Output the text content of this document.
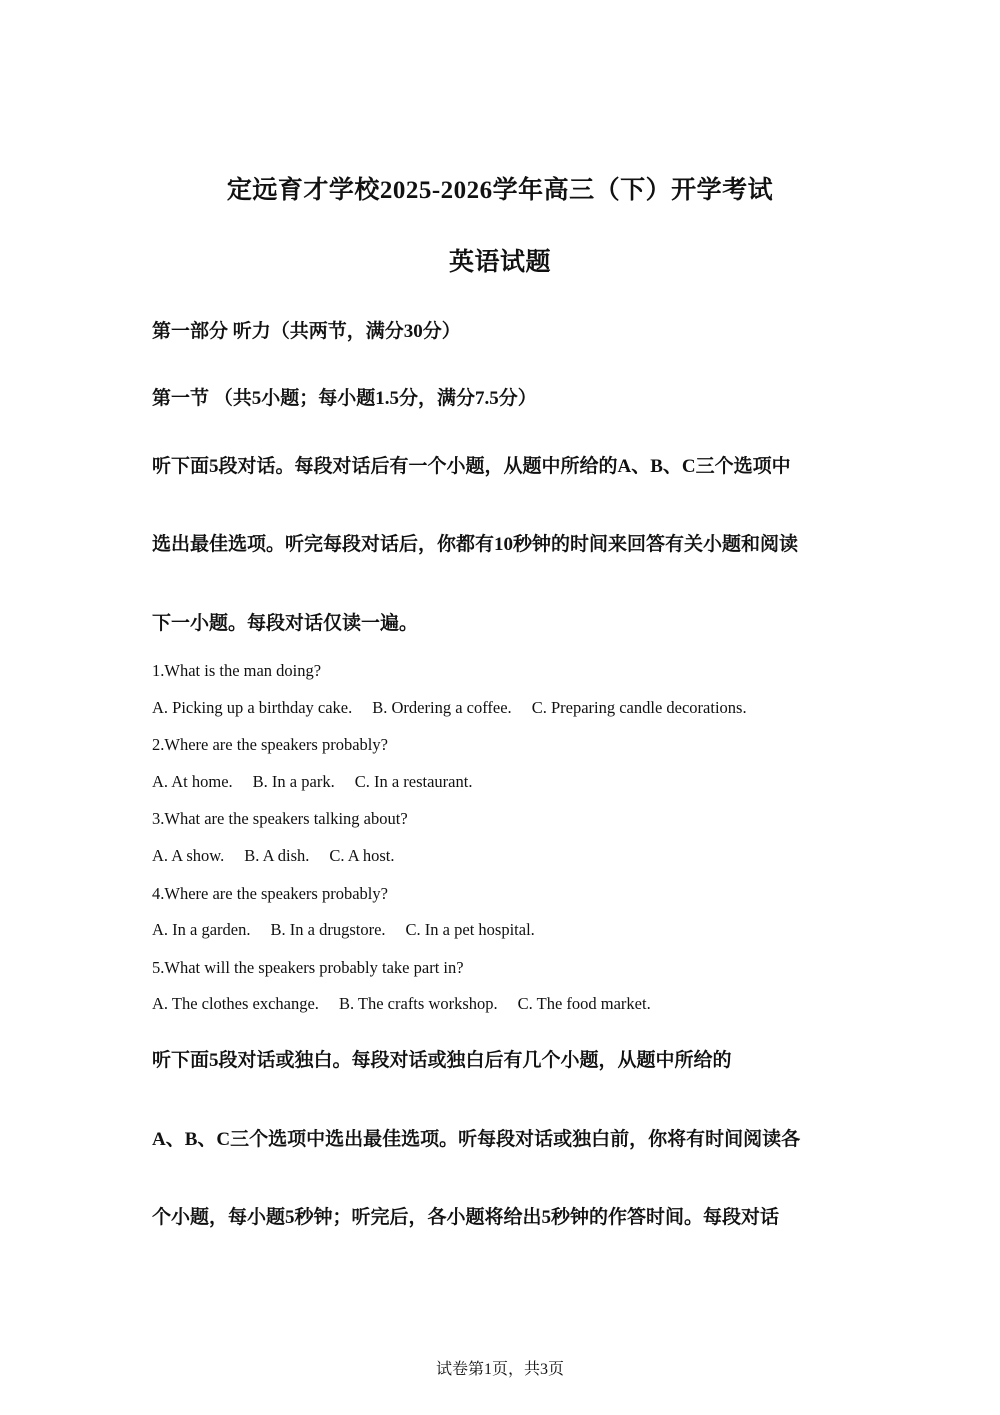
定远育才学校2025-2026学年高三（下）开学考试
英语试题
第一部分 听力（共两节，满分30分）
第一节 （共5小题；每小题1.5分，满分7.5分）
听下面5段对话。每段对话后有一个小题，从题中所给的A、B、C三个选项中
选出最佳选项。听完每段对话后，你都有10秒钟的时间来回答有关小题和阅读
下一小题。每段对话仅读一遍。
1.What is the man doing?
A. Picking up a birthday cake. B. Ordering a coffee. C. Preparing candle decorations.
2.Where are the speakers probably?
A. At home. B. In a park. C. In a restaurant.
3.What are the speakers talking about?
A. A show. B. A dish. C. A host.
4.Where are the speakers probably?
A. In a garden. B. In a drugstore. C. In a pet hospital.
5.What will the speakers probably take part in?
A. The clothes exchange. B. The crafts workshop. C. The food market.
听下面5段对话或独白。每段对话或独白后有几个小题，从题中所给的
A、B、C三个选项中选出最佳选项。听每段对话或独白前，你将有时间阅读各
个小题，每小题5秒钟；听完后，各小题将给出5秒钟的作答时间。每段对话
试卷第1页，共3页
